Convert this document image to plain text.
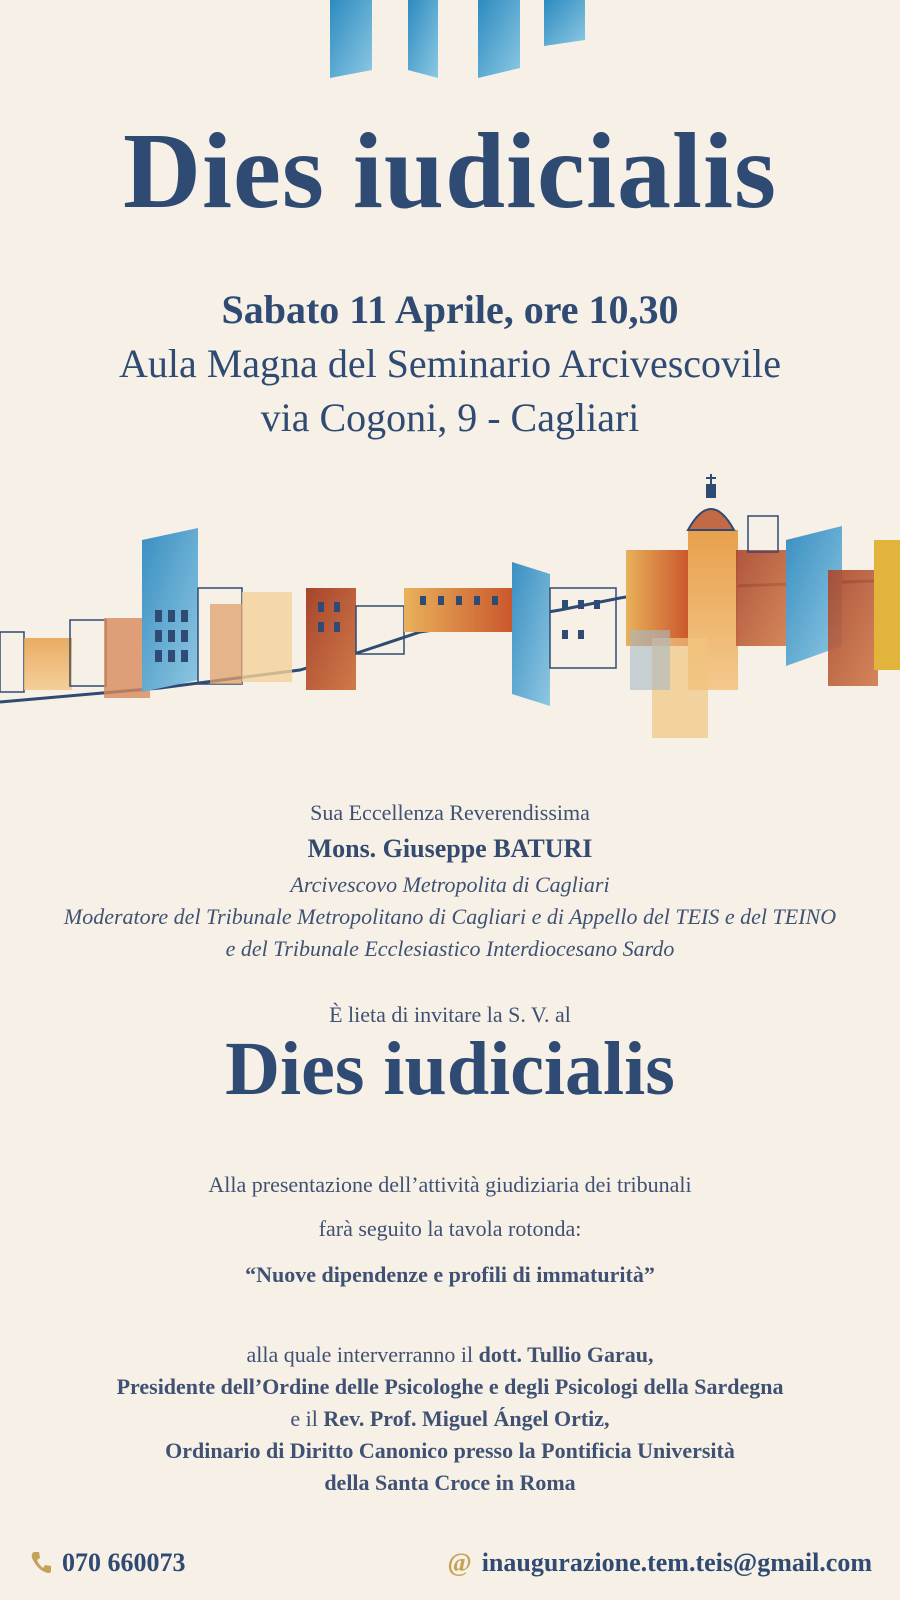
Dies iudicialis
Sabato 11 Aprile, ore 10,30
Aula Magna del Seminario Arcivescovile
via Cogoni, 9 - Cagliari
Sua Eccellenza Reverendissima
Mons. Giuseppe BATURI
Arcivescovo Metropolita di Cagliari
Moderatore del Tribunale Metropolitano di Cagliari e di Appello del TEIS e del TEINO
e del Tribunale Ecclesiastico Interdiocesano Sardo
È lieta di invitare la S. V. al
Dies iudicialis
Alla presentazione dell’attività giudiziaria dei tribunali
farà seguito la tavola rotonda:
“Nuove dipendenze e profili di immaturità”
alla quale interverranno il dott. Tullio Garau,
Presidente dell’Ordine delle Psicologhe e degli Psicologi della Sardegna
e il Rev. Prof. Miguel Ángel Ortiz,
Ordinario di Diritto Canonico presso la Pontificia Università
della Santa Croce in Roma
070 660073	@ inaugurazione.tem.teis@gmail.com
